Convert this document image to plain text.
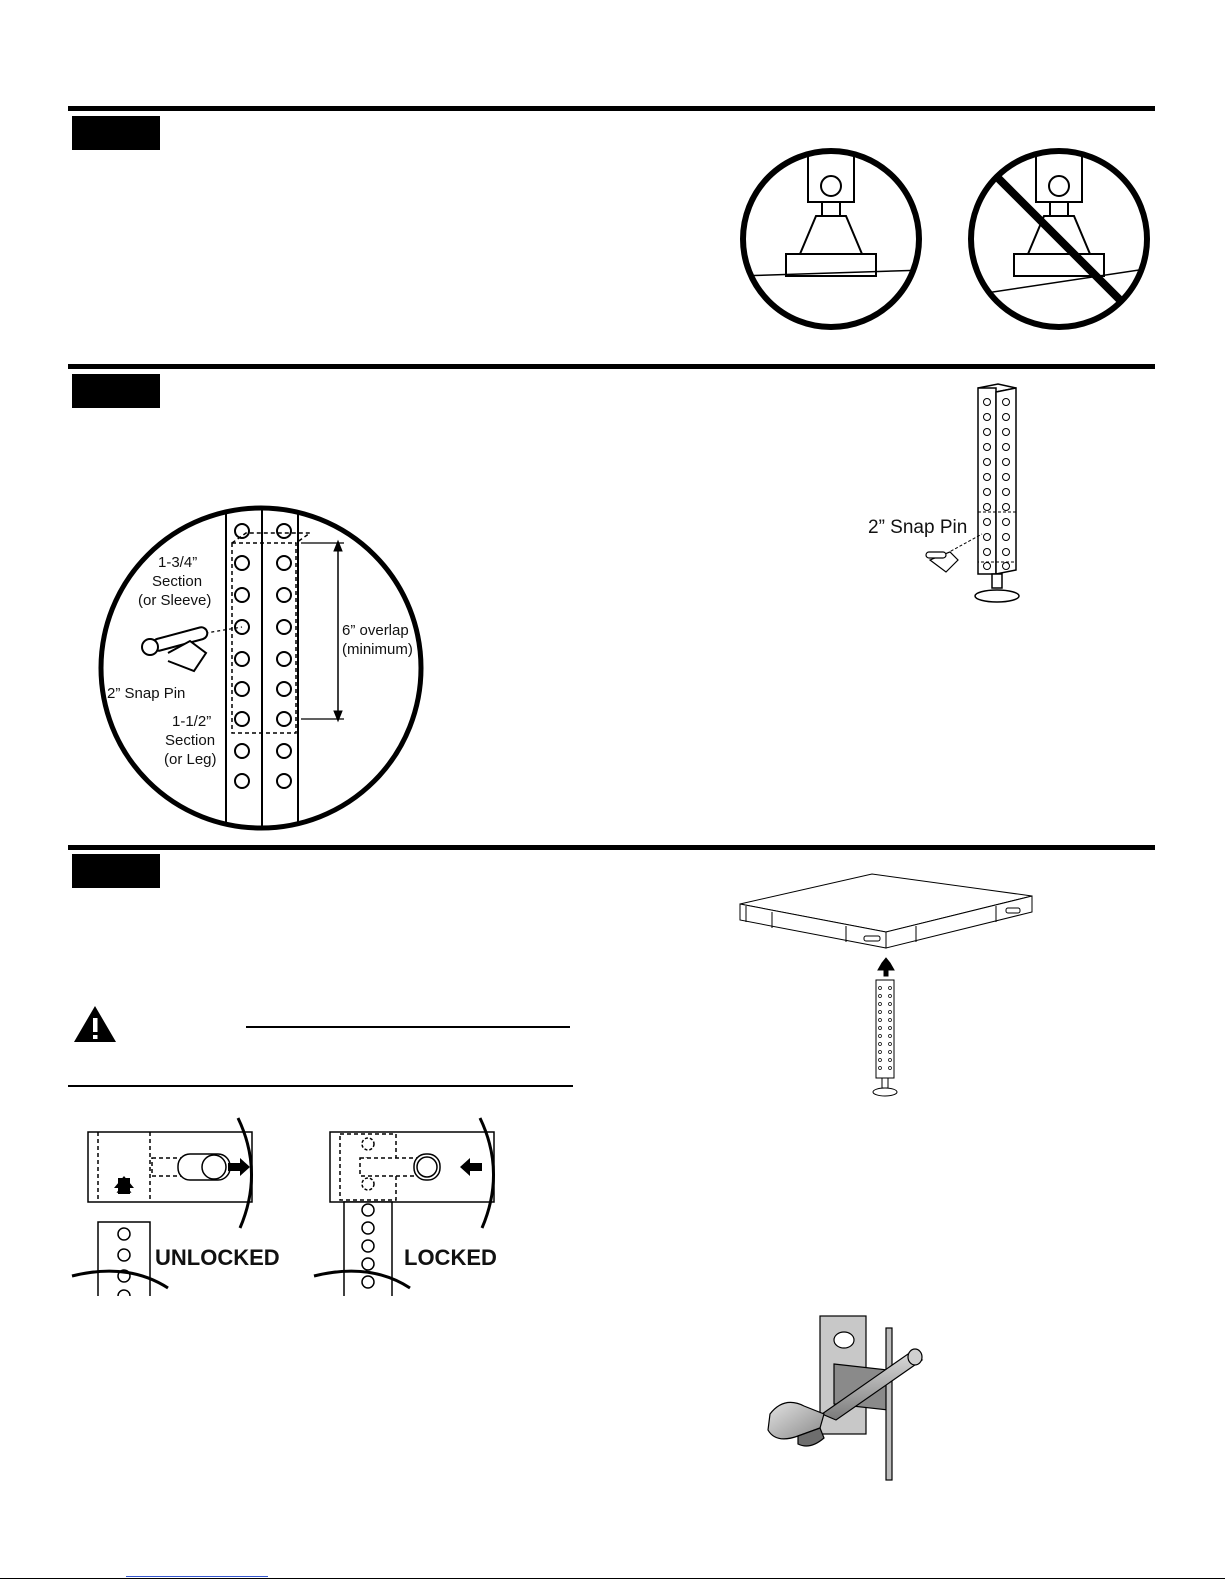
1-3/4”
Section
(or Sleeve)
2” Snap Pin
1-1/2”
Section
(or Leg)
6” overlap
(minimum)
2” Snap Pin
UNLOCKED	LOCKED
